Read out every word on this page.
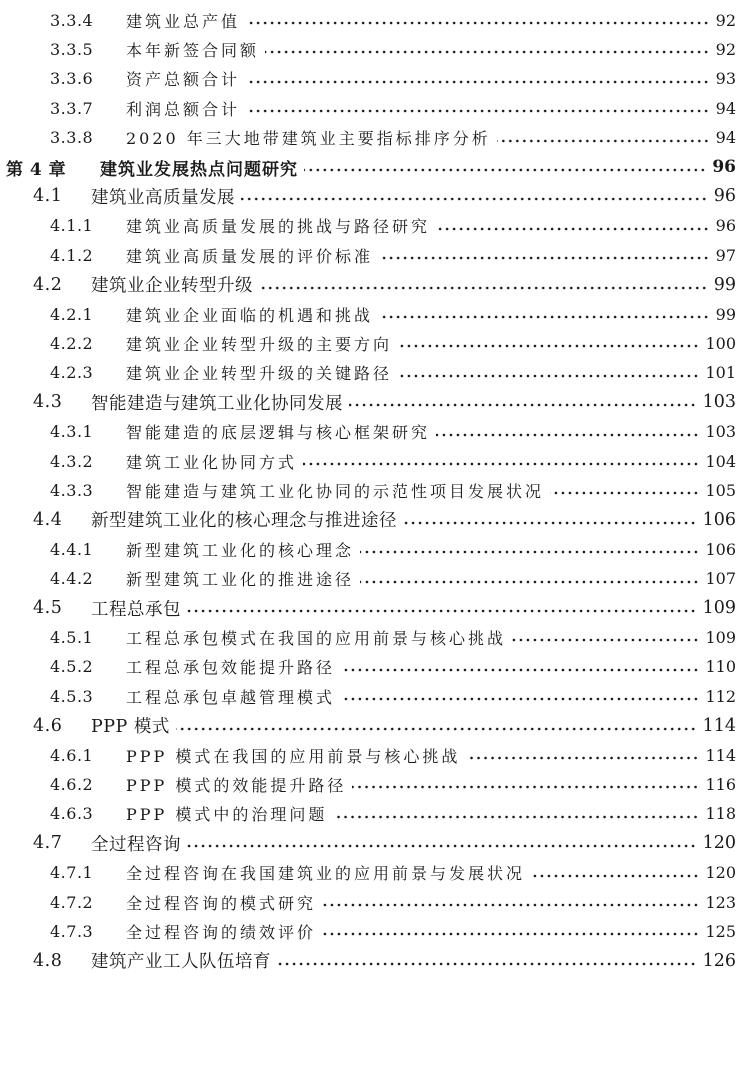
3.3.4	建筑业总产值	92
3.3.5	本年新签合同额	92
3.3.6	资产总额合计	93
3.3.7	利润总额合计	94
3.3.8	2020 年三大地带建筑业主要指标排序分析	94
第 4 章	建筑业发展热点问题研究	96
4.1	建筑业高质量发展	96
4.1.1	建筑业高质量发展的挑战与路径研究	96
4.1.2	建筑业高质量发展的评价标准	97
4.2	建筑业企业转型升级	99
4.2.1	建筑业企业面临的机遇和挑战	99
4.2.2	建筑业企业转型升级的主要方向	100
4.2.3	建筑业企业转型升级的关键路径	101
4.3	智能建造与建筑工业化协同发展	103
4.3.1	智能建造的底层逻辑与核心框架研究	103
4.3.2	建筑工业化协同方式	104
4.3.3	智能建造与建筑工业化协同的示范性项目发展状况	105
4.4	新型建筑工业化的核心理念与推进途径	106
4.4.1	新型建筑工业化的核心理念	106
4.4.2	新型建筑工业化的推进途径	107
4.5	工程总承包	109
4.5.1	工程总承包模式在我国的应用前景与核心挑战	109
4.5.2	工程总承包效能提升路径	110
4.5.3	工程总承包卓越管理模式	112
4.6	PPP 模式	114
4.6.1	PPP 模式在我国的应用前景与核心挑战	114
4.6.2	PPP 模式的效能提升路径	116
4.6.3	PPP 模式中的治理问题	118
4.7	全过程咨询	120
4.7.1	全过程咨询在我国建筑业的应用前景与发展状况	120
4.7.2	全过程咨询的模式研究	123
4.7.3	全过程咨询的绩效评价	125
4.8	建筑产业工人队伍培育	126
